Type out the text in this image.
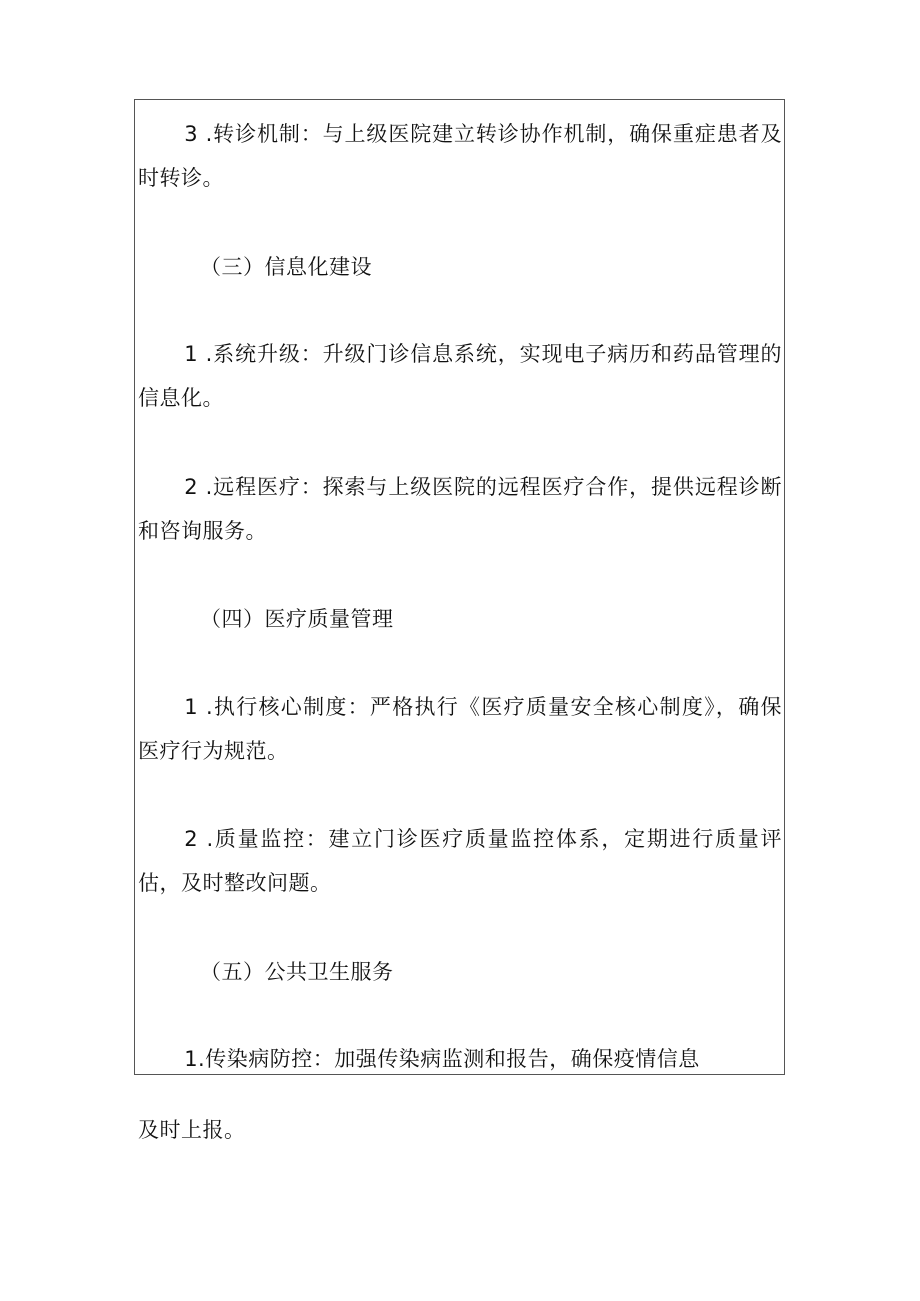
3 .转诊机制：与上级医院建立转诊协作机制，确保重症患者及时转诊。

（三）信息化建设

1 .系统升级：升级门诊信息系统，实现电子病历和药品管理的信息化。

2 .远程医疗：探索与上级医院的远程医疗合作，提供远程诊断和咨询服务。

（四）医疗质量管理

1 .执行核心制度：严格执行《医疗质量安全核心制度》，确保医疗行为规范。

2 .质量监控：建立门诊医疗质量监控体系，定期进行质量评估，及时整改问题。

（五）公共卫生服务

1.传染病防控：加强传染病监测和报告，确保疫情信息

及时上报。
